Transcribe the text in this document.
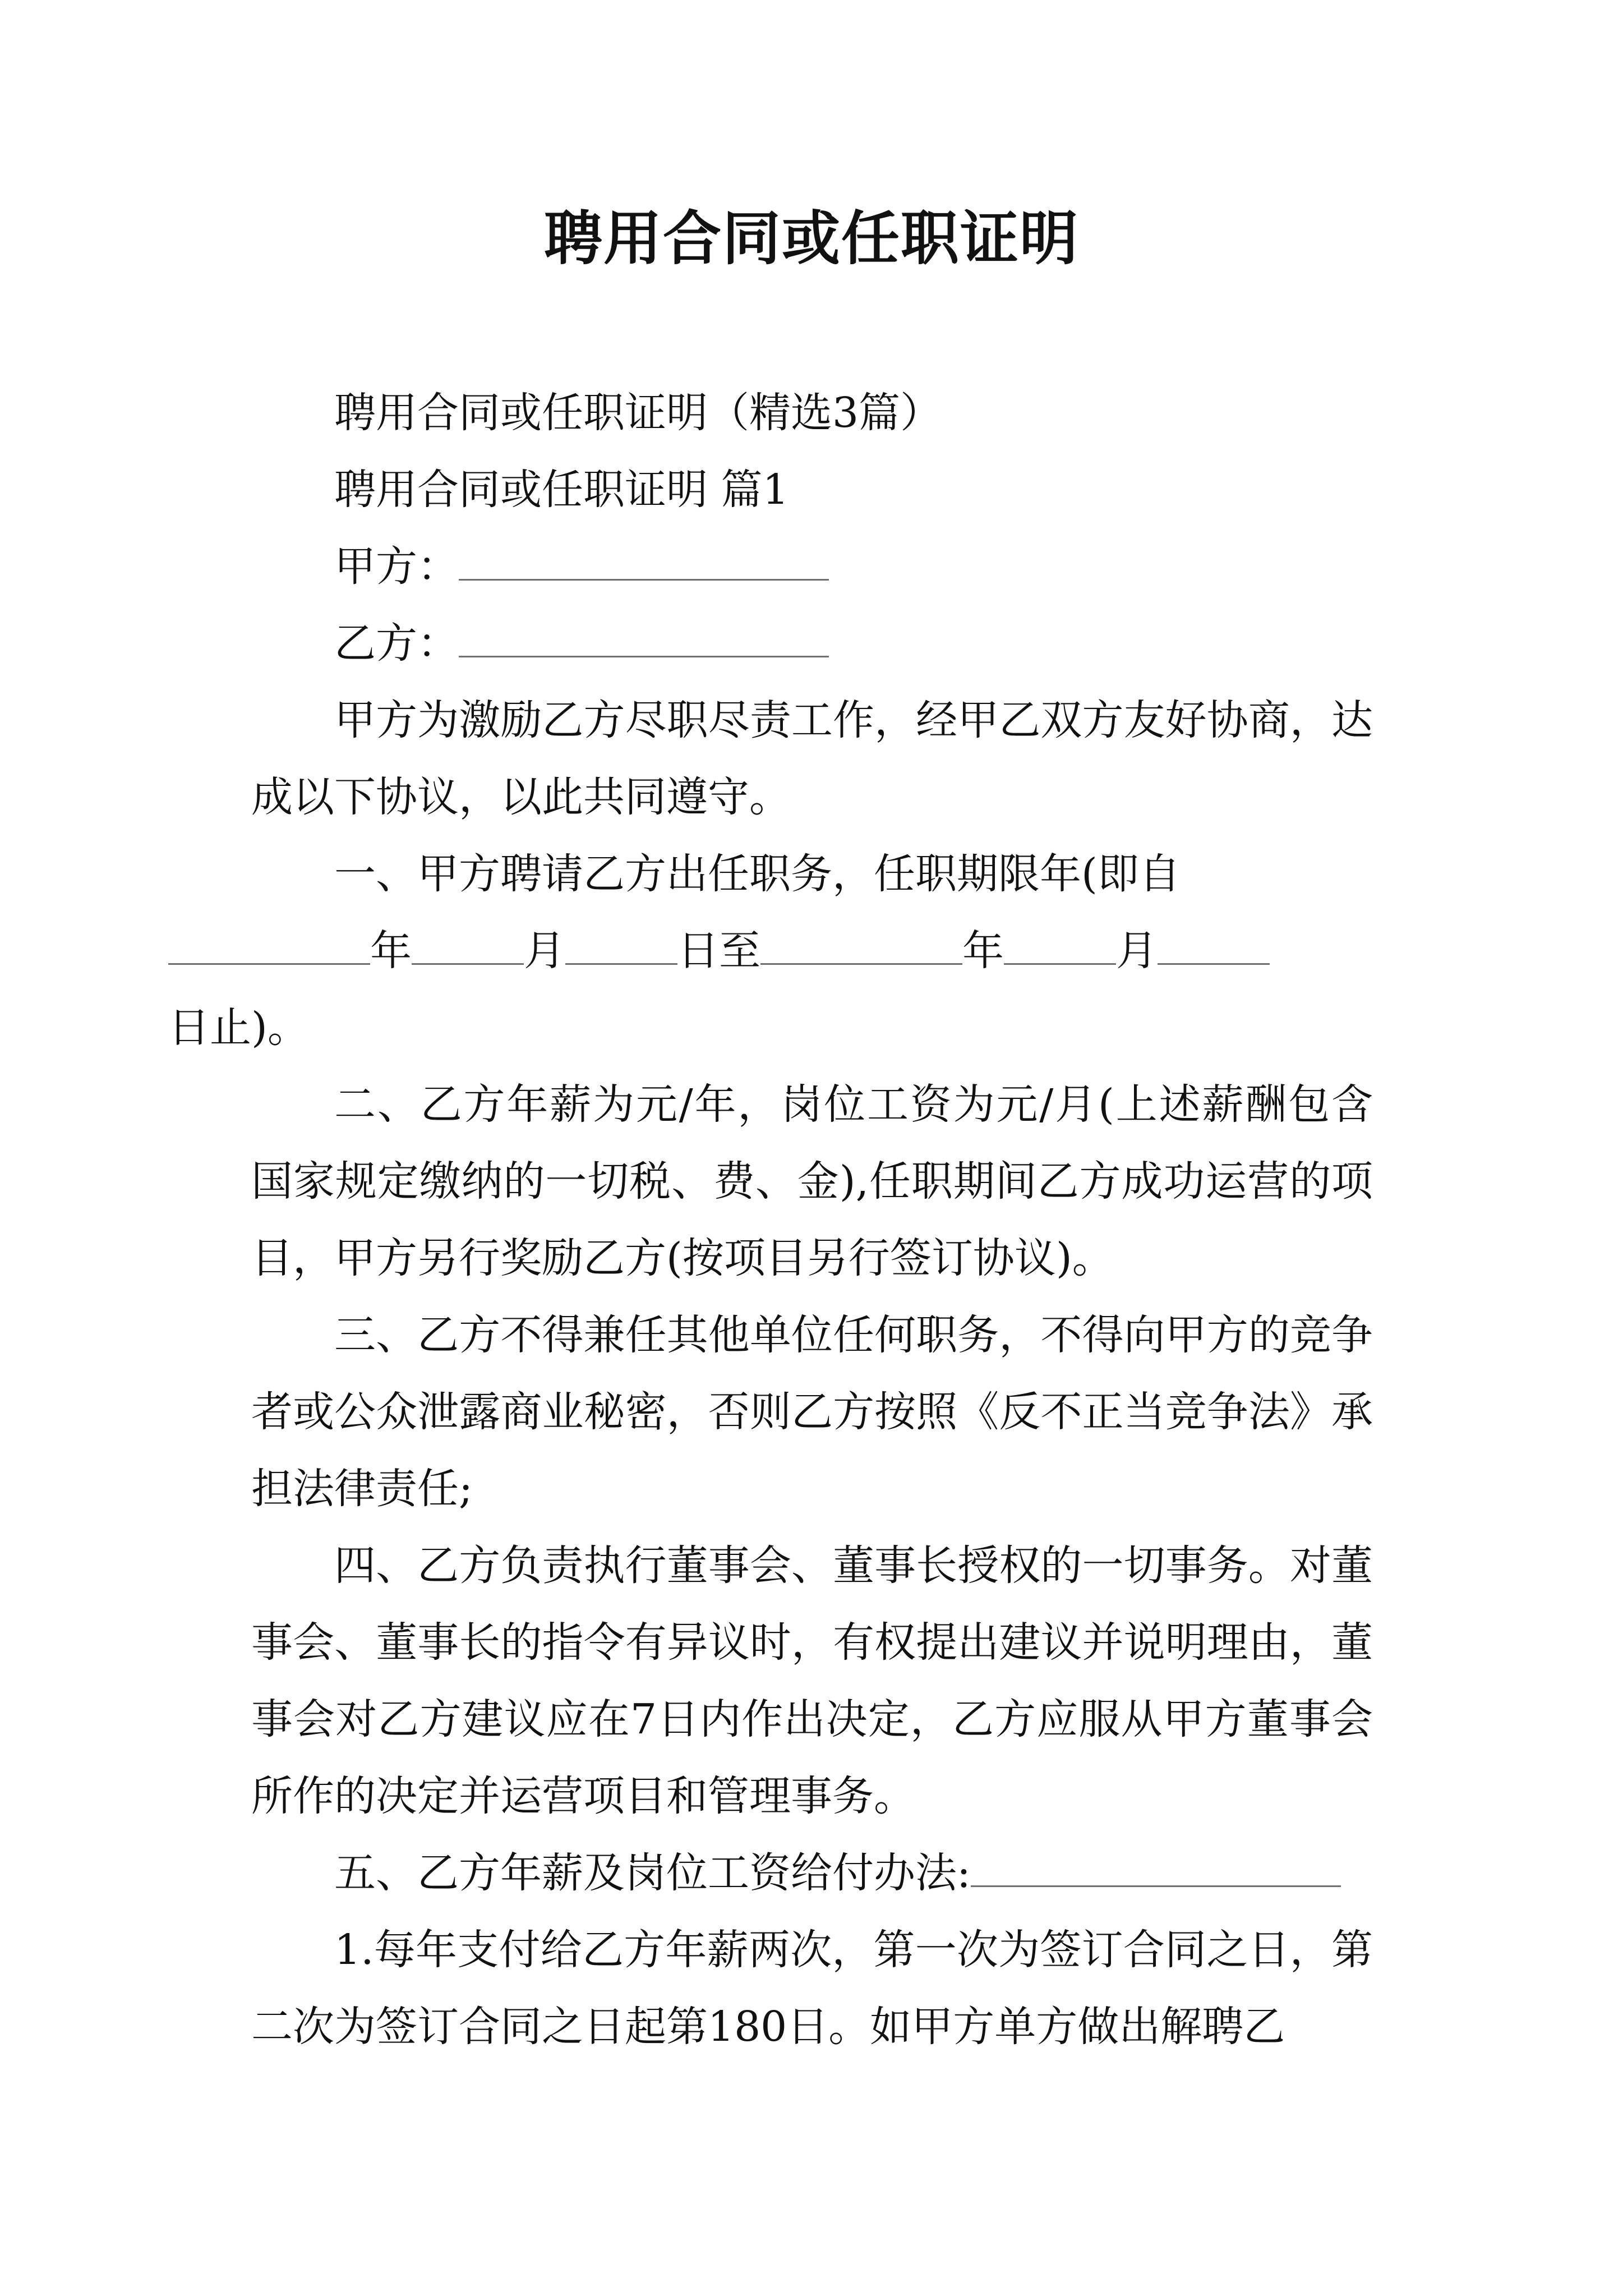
聘用合同或任职证明

聘用合同或任职证明（精选3篇）

聘用合同或任职证明 篇1

甲方：

乙方：

甲方为激励乙方尽职尽责工作，经甲乙双方友好协商，达成以下协议，以此共同遵守。

一、甲方聘请乙方出任职务，任职期限年(即自
年	月	日至	年	月
日止)。

二、乙方年薪为元/年，岗位工资为元/月(上述薪酬包含国家规定缴纳的一切税、费、金),任职期间乙方成功运营的项目，甲方另行奖励乙方(按项目另行签订协议)。

三、乙方不得兼任其他单位任何职务，不得向甲方的竞争者或公众泄露商业秘密，否则乙方按照《反不正当竞争法》承担法律责任;

四、乙方负责执行董事会、董事长授权的一切事务。对董事会、董事长的指令有异议时，有权提出建议并说明理由，董事会对乙方建议应在7日内作出决定，乙方应服从甲方董事会所作的决定并运营项目和管理事务。

五、乙方年薪及岗位工资给付办法:

1.每年支付给乙方年薪两次，第一次为签订合同之日，第二次为签订合同之日起第180日。如甲方单方做出解聘乙
